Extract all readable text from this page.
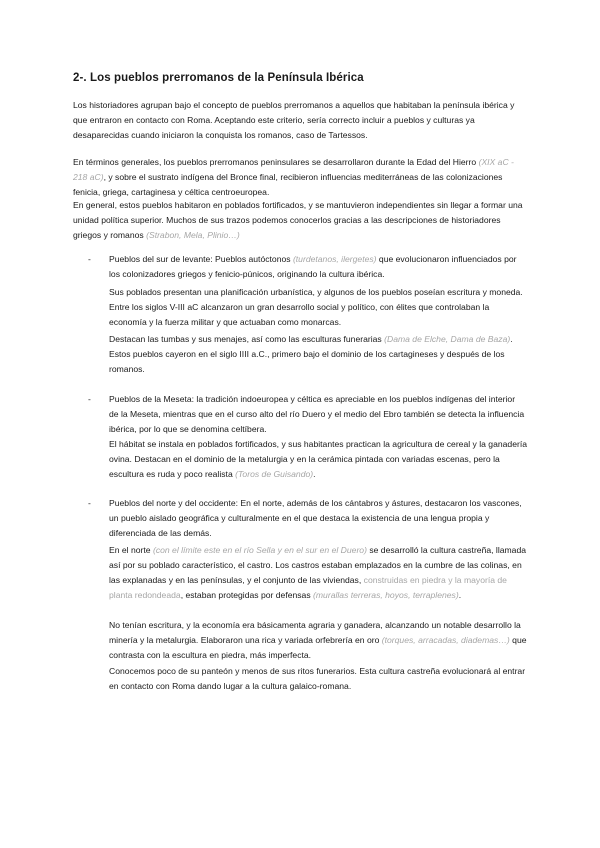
2-. Los pueblos prerromanos de la Península Ibérica
Los historiadores agrupan bajo el concepto de pueblos prerromanos a aquellos que habitaban la península ibérica y que entraron en contacto con Roma. Aceptando este criterio, sería correcto incluir a pueblos y culturas ya desaparecidas cuando iniciaron la conquista los romanos, caso de Tartessos.
En términos generales, los pueblos prerromanos peninsulares se desarrollaron durante la Edad del Hierro (XIX aC - 218 aC), y sobre el sustrato indígena del Bronce final, recibieron influencias mediterráneas de las colonizaciones fenicia, griega, cartaginesa y céltica centroeuropea.
En general, estos pueblos habitaron en poblados fortificados, y se mantuvieron independientes sin llegar a formar una unidad política superior. Muchos de sus trazos podemos conocerlos gracias a las descripciones de historiadores griegos y romanos (Strabon, Mela, Plinio…)
- Pueblos del sur de levante: Pueblos autóctonos (turdetanos, ilergetes) que evolucionaron influenciados por los colonizadores griegos y fenicio-púnicos, originando la cultura ibérica.
Sus poblados presentan una planificación urbanística, y algunos de los pueblos poseían escritura y moneda. Entre los siglos V-III aC alcanzaron un gran desarrollo social y político, con élites que controlaban la economía y la fuerza militar y que actuaban como monarcas.
Destacan las tumbas y sus menajes, así como las esculturas funerarias (Dama de Elche, Dama de Baza). Estos pueblos cayeron en el siglo IIII a.C., primero bajo el dominio de los cartagineses y después de los romanos.
- Pueblos de la Meseta: la tradición indoeuropea y céltica es apreciable en los pueblos indígenas del interior de la Meseta, mientras que en el curso alto del río Duero y el medio del Ebro también se detecta la influencia ibérica, por lo que se denomina celtíbera.
El hábitat se instala en poblados fortificados, y sus habitantes practican la agricultura de cereal y la ganadería ovina. Destacan en el dominio de la metalurgia y en la cerámica pintada con variadas escenas, pero la escultura es ruda y poco realista (Toros de Guisando).
- Pueblos del norte y del occidente: En el norte, además de los cántabros y ástures, destacaron los vascones, un pueblo aislado geográfica y culturalmente en el que destaca la existencia de una lengua propia y diferenciada de las demás.
En el norte (con el límite este en el río Sella y en el sur en el Duero) se desarrolló la cultura castreña, llamada así por su poblado característico, el castro. Los castros estaban emplazados en la cumbre de las colinas, en las explanadas y en las penínsulas, y el conjunto de las viviendas, construidas en piedra y la mayoría de planta redondeada, estaban protegidas por defensas (murallas terreras, hoyos, terraplenes).
No tenían escritura, y la economía era básicamenta agraria y ganadera, alcanzando un notable desarrollo la minería y la metalurgia. Elaboraron una rica y variada orfebrería en oro (torques, arracadas, diademas…) que contrasta con la escultura en piedra, más imperfecta.
Conocemos poco de su panteón y menos de sus ritos funerarios. Esta cultura castreña evolucionará al entrar en contacto con Roma dando lugar a la cultura galaico-romana.
